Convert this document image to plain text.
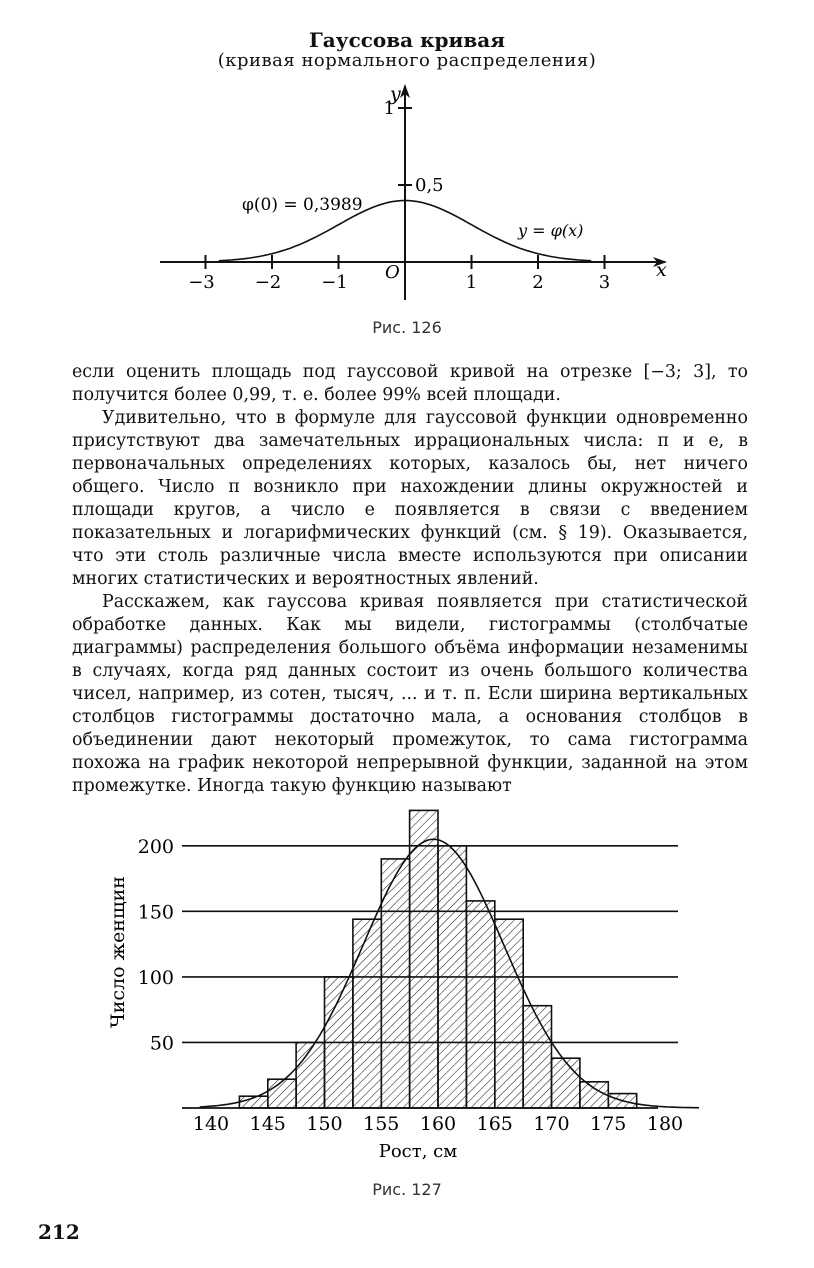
Гауссова кривая
(кривая нормального распределения)
−3 −2 −1	1	2	3
1
0,5
O	x
y
φ(0) = 0,3989
y = φ(x)
Рис. 126

если оценить площадь под гауссовой кривой на отрезке [−3; 3], то получится более 0,99, т. е. более 99% всей площади.

Удивительно, что в формуле для гауссовой функции одновременно присутствуют два замечательных иррациональных числа: π и e, в первоначальных определениях которых, казалось бы, нет ничего общего. Число π возникло при нахождении длины окружностей и площади кругов, а число e появляется в связи с введением показательных и логарифмических функций (см. § 19). Оказывается, что эти столь различные числа вместе используются при описании многих статистических и вероятностных явлений.

Расскажем, как гауссова кривая появляется при статистической обработке данных. Как мы видели, гистограммы (столбчатые диаграммы) распределения большого объёма информации незаменимы в случаях, когда ряд данных состоит из очень большого количества чисел, например, из сотен, тысяч, ... и т. п. Если ширина вертикальных столбцов гистограммы достаточно мала, а основания столбцов в объединении дают некоторый промежуток, то сама гистограмма похожа на график некоторой непрерывной функции, заданной на этом промежутке. Иногда такую функцию называют

50
100
150
200
140 145 150 155 160 165 170 175 180
Рост, см
Число женщин
Рис. 127
212
